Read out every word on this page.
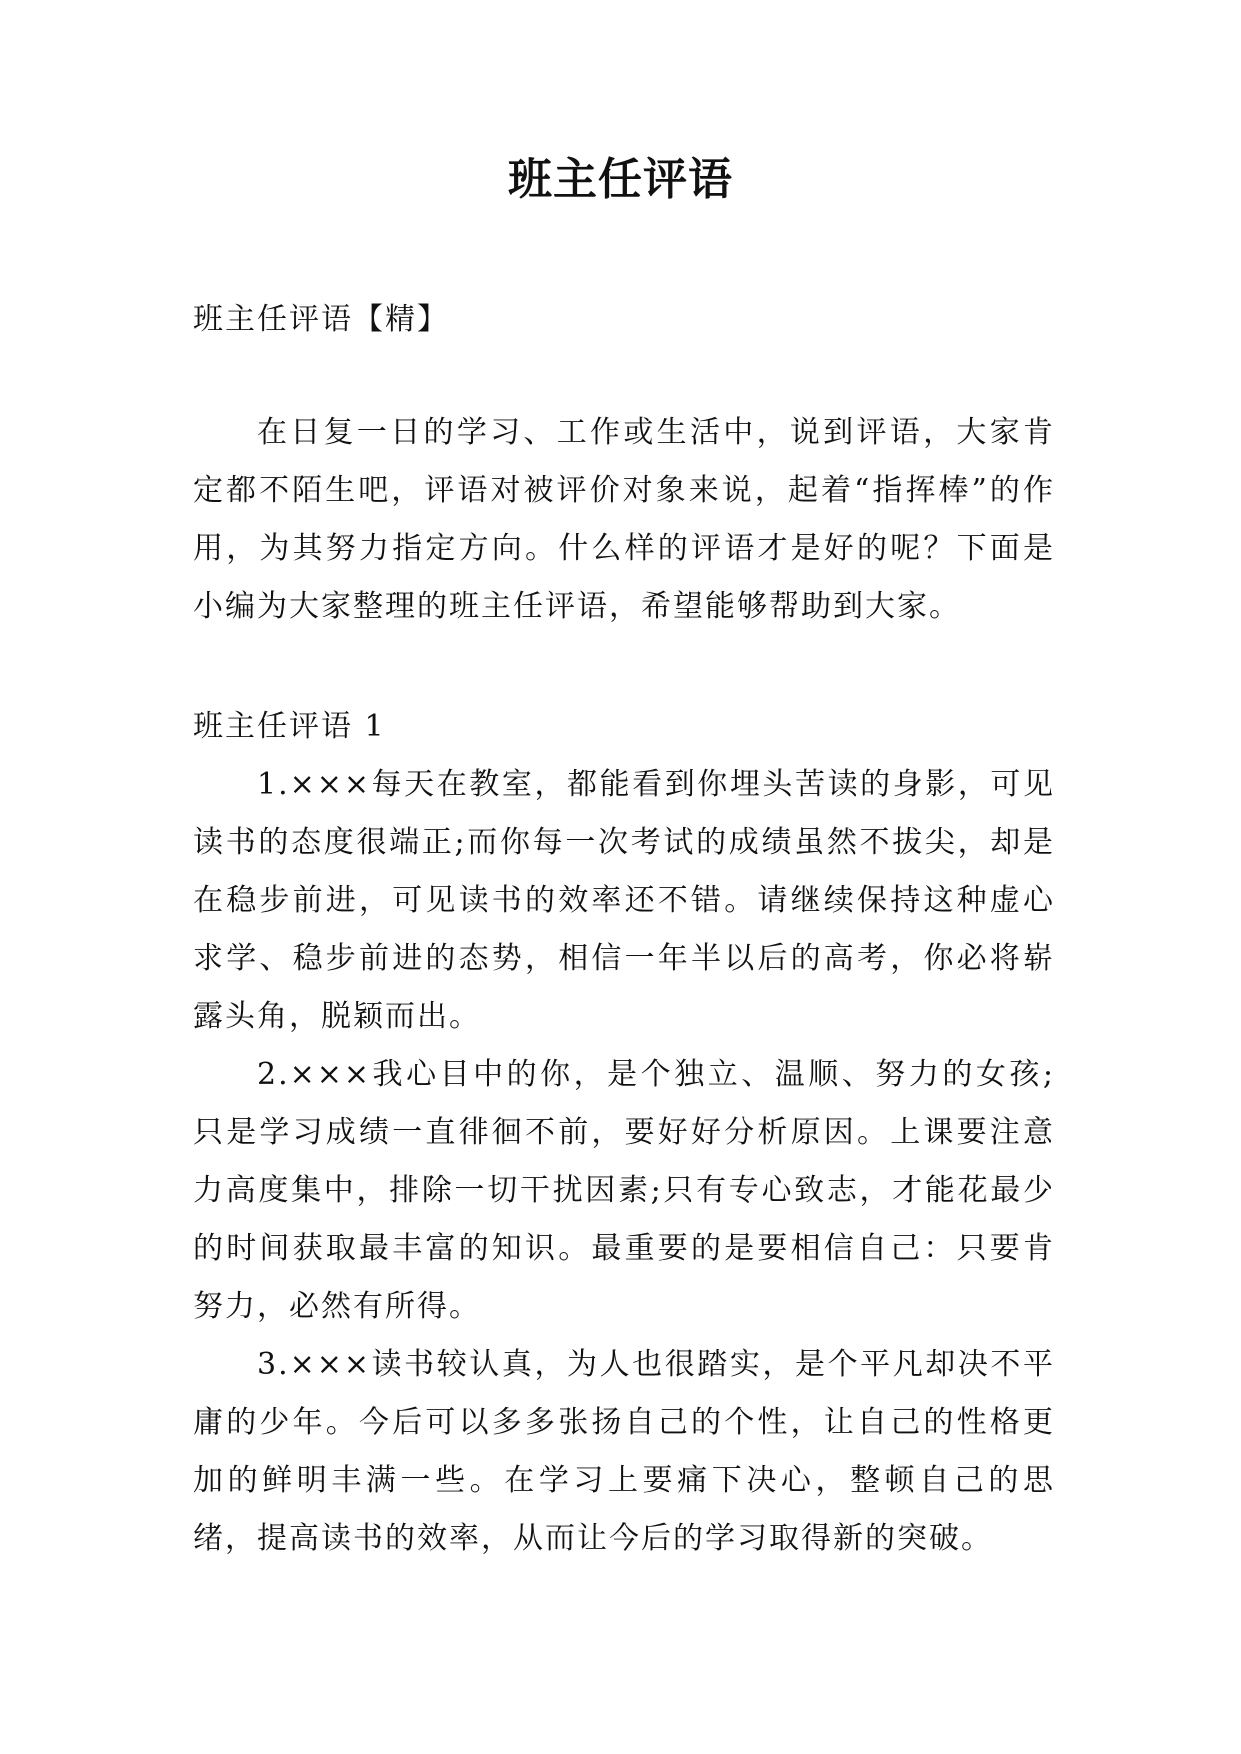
班主任评语

班主任评语【精】

在日复一日的学习、工作或生活中，说到评语，大家肯定都不陌生吧，评语对被评价对象来说，起着“指挥棒”的作用，为其努力指定方向。什么样的评语才是好的呢？下面是小编为大家整理的班主任评语，希望能够帮助到大家。

班主任评语 1

1.×××每天在教室，都能看到你埋头苦读的身影，可见读书的态度很端正;而你每一次考试的成绩虽然不拔尖，却是在稳步前进，可见读书的效率还不错。请继续保持这种虚心求学、稳步前进的态势，相信一年半以后的高考，你必将崭露头角，脱颖而出。

2.×××我心目中的你，是个独立、温顺、努力的女孩;只是学习成绩一直徘徊不前，要好好分析原因。上课要注意力高度集中，排除一切干扰因素;只有专心致志，才能花最少的时间获取最丰富的知识。最重要的是要相信自己：只要肯努力，必然有所得。

3.×××读书较认真，为人也很踏实，是个平凡却决不平庸的少年。今后可以多多张扬自己的个性，让自己的性格更加的鲜明丰满一些。在学习上要痛下决心，整顿自己的思绪，提高读书的效率，从而让今后的学习取得新的突破。
